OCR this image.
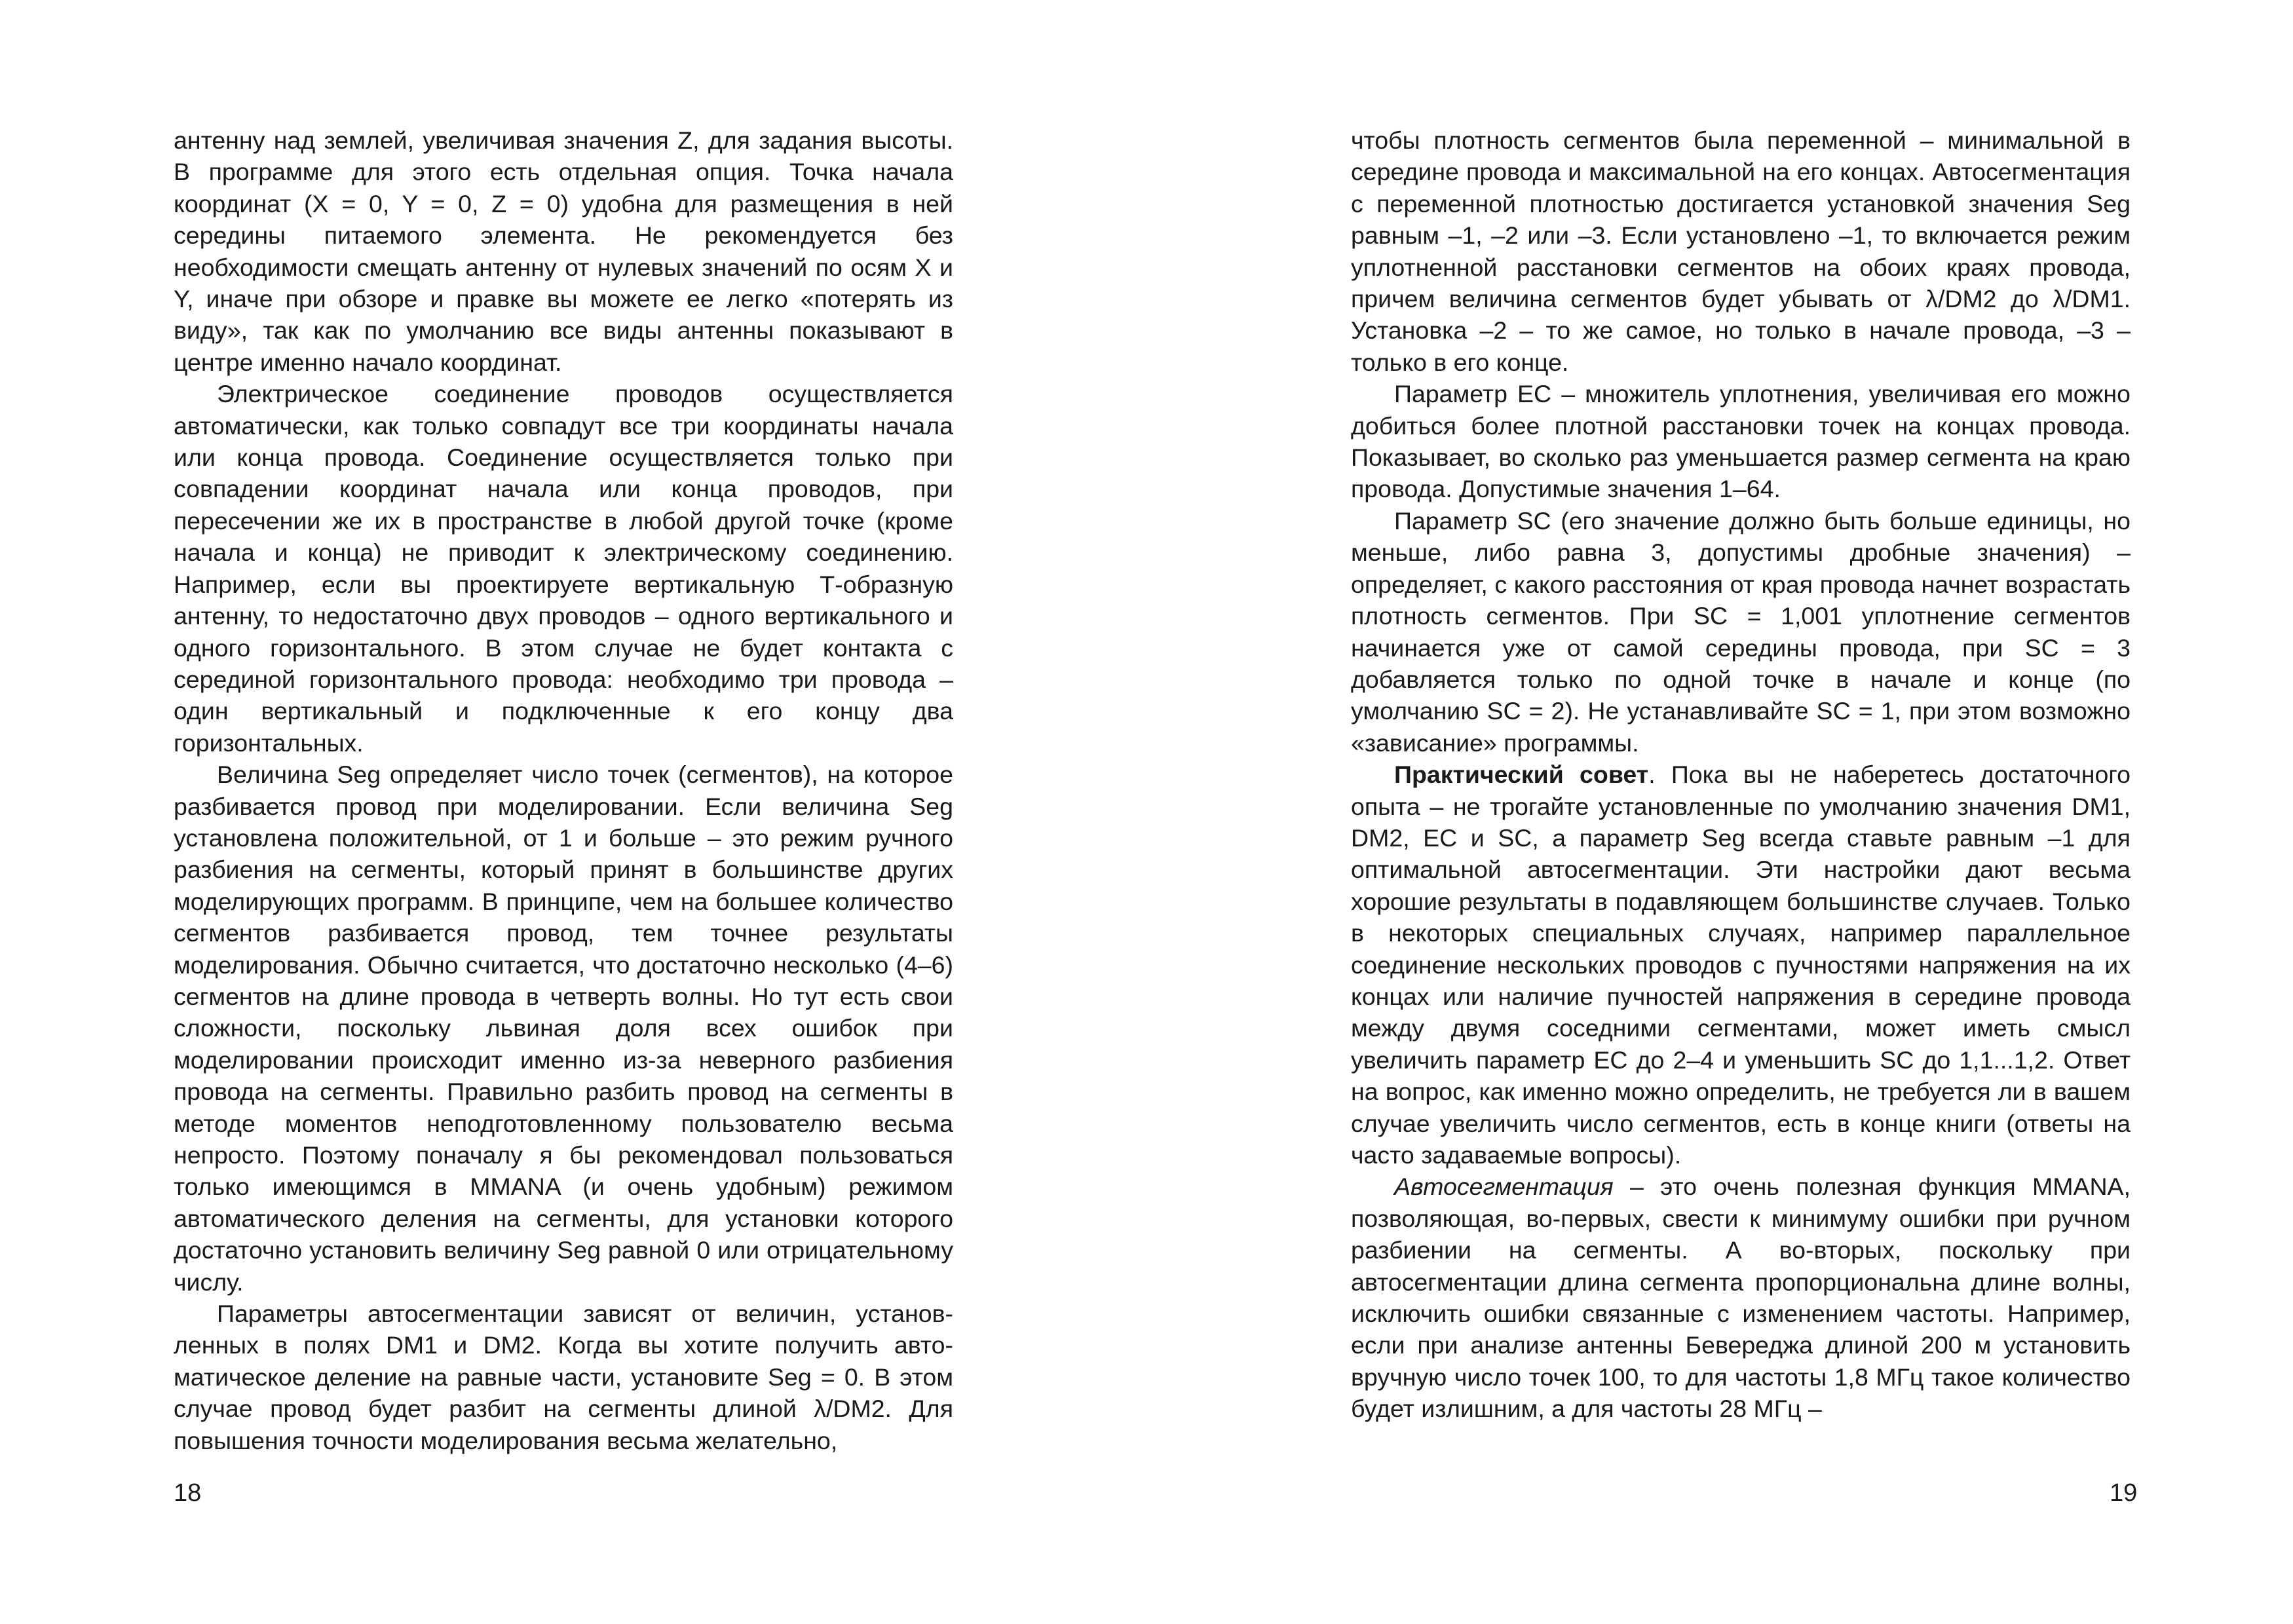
антенну над землей, увеличивая значения Z, для задания высоты. В программе для этого есть отдельная опция. Точка начала координат (X = 0, Y = 0, Z = 0) удобна для размещения в ней середины питаемого элемента. Не рекомендуется без необходимости смещать антенну от нулевых значений по осям X и Y, иначе при обзоре и правке вы можете ее легко «потерять из виду», так как по умолчанию все виды антенны показывают в центре именно начало координат.

Электрическое соединение проводов осуществляется автоматически, как только совпадут все три координаты начала или конца провода. Соединение осуществляется только при совпадении координат начала или конца проводов, при пересечении же их в пространстве в любой другой точке (кроме начала и конца) не приводит к электрическому соединению. Например, если вы проектируете вертикальную Т-образную антенну, то недостаточно двух проводов – одного вертикального и одного горизонтального. В этом случае не будет контакта с серединой горизонтального провода: необходимо три провода – один вертикальный и подключенные к его концу два горизонтальных.

Величина Seg определяет число точек (сегментов), на которое разбивается провод при моделировании. Если величина Seg установлена положительной, от 1 и больше – это режим ручного разбиения на сегменты, который принят в большинстве других моделирующих программ. В принципе, чем на большее количество сегментов разбивается провод, тем точнее результаты моделирования. Обычно считается, что достаточно несколько (4–6) сегментов на длине провода в четверть волны. Но тут есть свои сложности, поскольку львиная доля всех ошибок при моделировании происходит именно из-за неверного разбиения провода на сегменты. Правильно разбить провод на сегменты в методе моментов неподготовленному пользователю весьма непросто. Поэтому поначалу я бы рекомендовал пользоваться только имеющимся в MMANA (и очень удобным) режимом автоматического деления на сегменты, для установки которого достаточно установить величину Seg равной 0 или отрицательному числу.

Параметры автосегментации зависят от величин, установленных в полях DM1 и DM2. Когда вы хотите получить автоматическое деление на равные части, установите Seg = 0. В этом случае провод будет разбит на сегменты длиной λ/DM2. Для повышения точности моделирования весьма желательно,

18

чтобы плотность сегментов была переменной – минимальной в середине провода и максимальной на его концах. Автосегментация с переменной плотностью достигается установкой значения Seg равным –1, –2 или –3. Если установлено –1, то включается режим уплотненной расстановки сегментов на обоих краях провода, причем величина сегментов будет убывать от λ/DM2 до λ/DM1. Установка –2 – то же самое, но только в начале провода, –3 – только в его конце.

Параметр EC – множитель уплотнения, увеличивая его можно добиться более плотной расстановки точек на концах провода. Показывает, во сколько раз уменьшается размер сегмента на краю провода. Допустимые значения 1–64.

Параметр SC (его значение должно быть больше единицы, но меньше, либо равна 3, допустимы дробные значения) – определяет, с какого расстояния от края провода начнет возрастать плотность сегментов. При SC = 1,001 уплотнение сегментов начинается уже от самой середины провода, при SC = 3 добавляется только по одной точке в начале и конце (по умолчанию SC = 2). Не устанавливайте SC = 1, при этом возможно «зависание» программы.

Практический совет. Пока вы не наберетесь достаточного опыта – не трогайте установленные по умолчанию значения DM1, DM2, EC и SC, а параметр Seg всегда ставьте равным –1 для оптимальной автосегментации. Эти настройки дают весьма хорошие результаты в подавляющем большинстве случаев. Только в некоторых специальных случаях, например параллельное соединение нескольких проводов с пучностями напряжения на их концах или наличие пучностей напряжения в середине провода между двумя соседними сегментами, может иметь смысл увеличить параметр EC до 2–4 и уменьшить SC до 1,1...1,2. Ответ на вопрос, как именно можно определить, не требуется ли в вашем случае увеличить число сегментов, есть в конце книги (ответы на часто задаваемые вопросы).

Автосегментация – это очень полезная функция MMANA, позволяющая, во-первых, свести к минимуму ошибки при ручном разбиении на сегменты. А во-вторых, поскольку при автосегментации длина сегмента пропорциональна длине волны, исключить ошибки связанные с изменением частоты. Например, если при анализе антенны Бевереджа длиной 200 м установить вручную число точек 100, то для частоты 1,8 МГц такое количество будет излишним, а для частоты 28 МГц –

19
